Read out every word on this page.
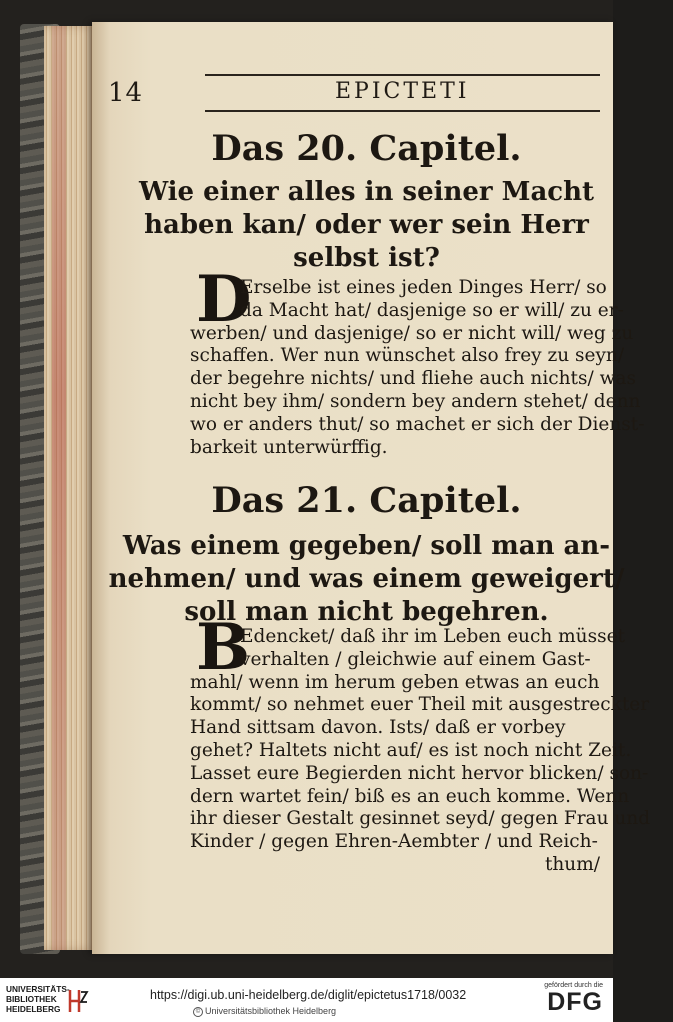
14	EPICTETI
Das 20. Capitel.
Wie einer alles in seiner Macht
haben kan/ oder wer sein Herr
selbst ist?
D
Erselbe ist eines jeden Dinges Herr/ so
da Macht hat/ dasjenige so er will/ zu er-
werben/ und dasjenige/ so er nicht will/ weg zu
schaffen. Wer nun wünschet also frey zu seyn/
der begehre nichts/ und fliehe auch nichts/ was
nicht bey ihm/ sondern bey andern stehet/ denn
wo er anders thut/ so machet er sich der Dienst-
barkeit unterwürffig.
Das 21. Capitel.
Was einem gegeben/ soll man an-
nehmen/ und was einem geweigert/
soll man nicht begehren.
B
Edencket/ daß ihr im Leben euch müsset
verhalten / gleichwie auf einem Gast-
mahl/ wenn im herum geben etwas an euch
kommt/ so nehmet euer Theil mit ausgestreckter
Hand sittsam davon. Ists/ daß er vorbey
gehet? Haltets nicht auf/ es ist noch nicht Zeit.
Lasset eure Begierden nicht hervor blicken/ son-
dern wartet fein/ biß es an euch komme. Wenn
ihr dieser Gestalt gesinnet seyd/ gegen Frau und
Kinder / gegen Ehren-Aembter / und Reich-
thum/
UNIVERSITÄTS-
BIBLIOTHEK
HEIDELBERG
https://digi.ub.uni-heidelberg.de/diglit/epictetus1718/0032
© Universitätsbibliothek Heidelberg
gefördert durch die
DFG
